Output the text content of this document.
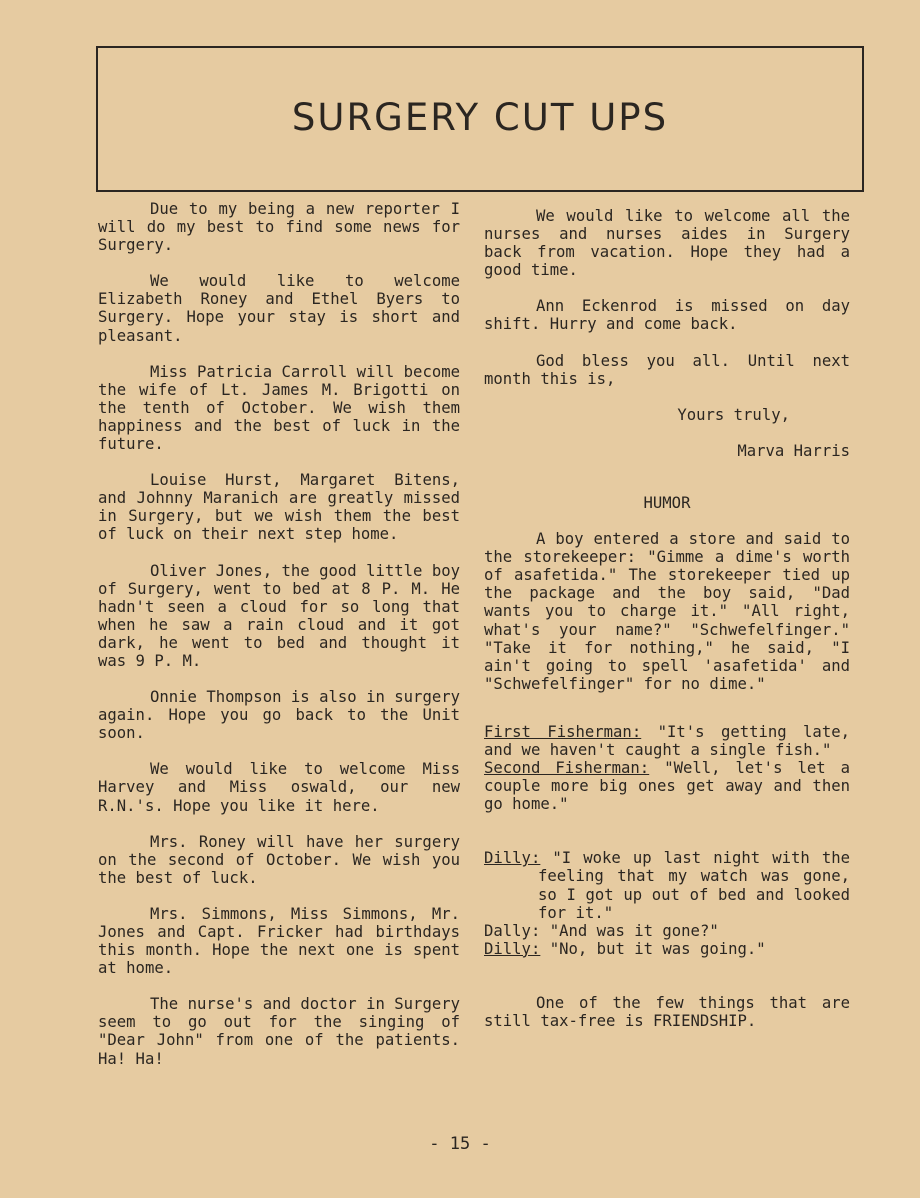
SURGERY CUT UPS

Due to my being a new reporter I will do my best to find some news for Surgery.

We would like to welcome Elizabeth Roney and Ethel Byers to Surgery. Hope your stay is short and pleasant.

Miss Patricia Carroll will become the wife of Lt. James M. Brigotti on the tenth of October. We wish them happiness and the best of luck in the future.

Louise Hurst, Margaret Bitens, and Johnny Maranich are greatly missed in Surgery, but we wish them the best of luck on their next step home.

Oliver Jones, the good little boy of Surgery, went to bed at 8 P. M. He hadn't seen a cloud for so long that when he saw a rain cloud and it got dark, he went to bed and thought it was 9 P. M.

Onnie Thompson is also in surgery again. Hope you go back to the Unit soon.

We would like to welcome Miss Harvey and Miss oswald, our new R.N.'s. Hope you like it here.

Mrs. Roney will have her surgery on the second of October. We wish you the best of luck.

Mrs. Simmons, Miss Simmons, Mr. Jones and Capt. Fricker had birthdays this month. Hope the next one is spent at home.

The nurse's and doctor in Surgery seem to go out for the singing of "Dear John" from one of the patients. Ha! Ha!

We would like to welcome all the nurses and nurses aides in Surgery back from vacation. Hope they had a good time.

Ann Eckenrod is missed on day shift. Hurry and come back.

God bless you all. Until next month this is,

Yours truly,

Marva Harris

HUMOR

A boy entered a store and said to the storekeeper: "Gimme a dime's worth of asafetida." The storekeeper tied up the package and the boy said, "Dad wants you to charge it." "All right, what's your name?" "Schwefelfinger." "Take it for nothing," he said, "I ain't going to spell 'asafetida' and "Schwefelfinger" for no dime."

First Fisherman: "It's getting late, and we haven't caught a single fish."

Second Fisherman: "Well, let's let a couple more big ones get away and then go home."

Dilly: "I woke up last night with the feeling that my watch was gone, so I got up out of bed and looked for it."

Dally: "And was it gone?"

Dilly: "No, but it was going."

One of the few things that are still tax-free is FRIENDSHIP.

- 15 -
